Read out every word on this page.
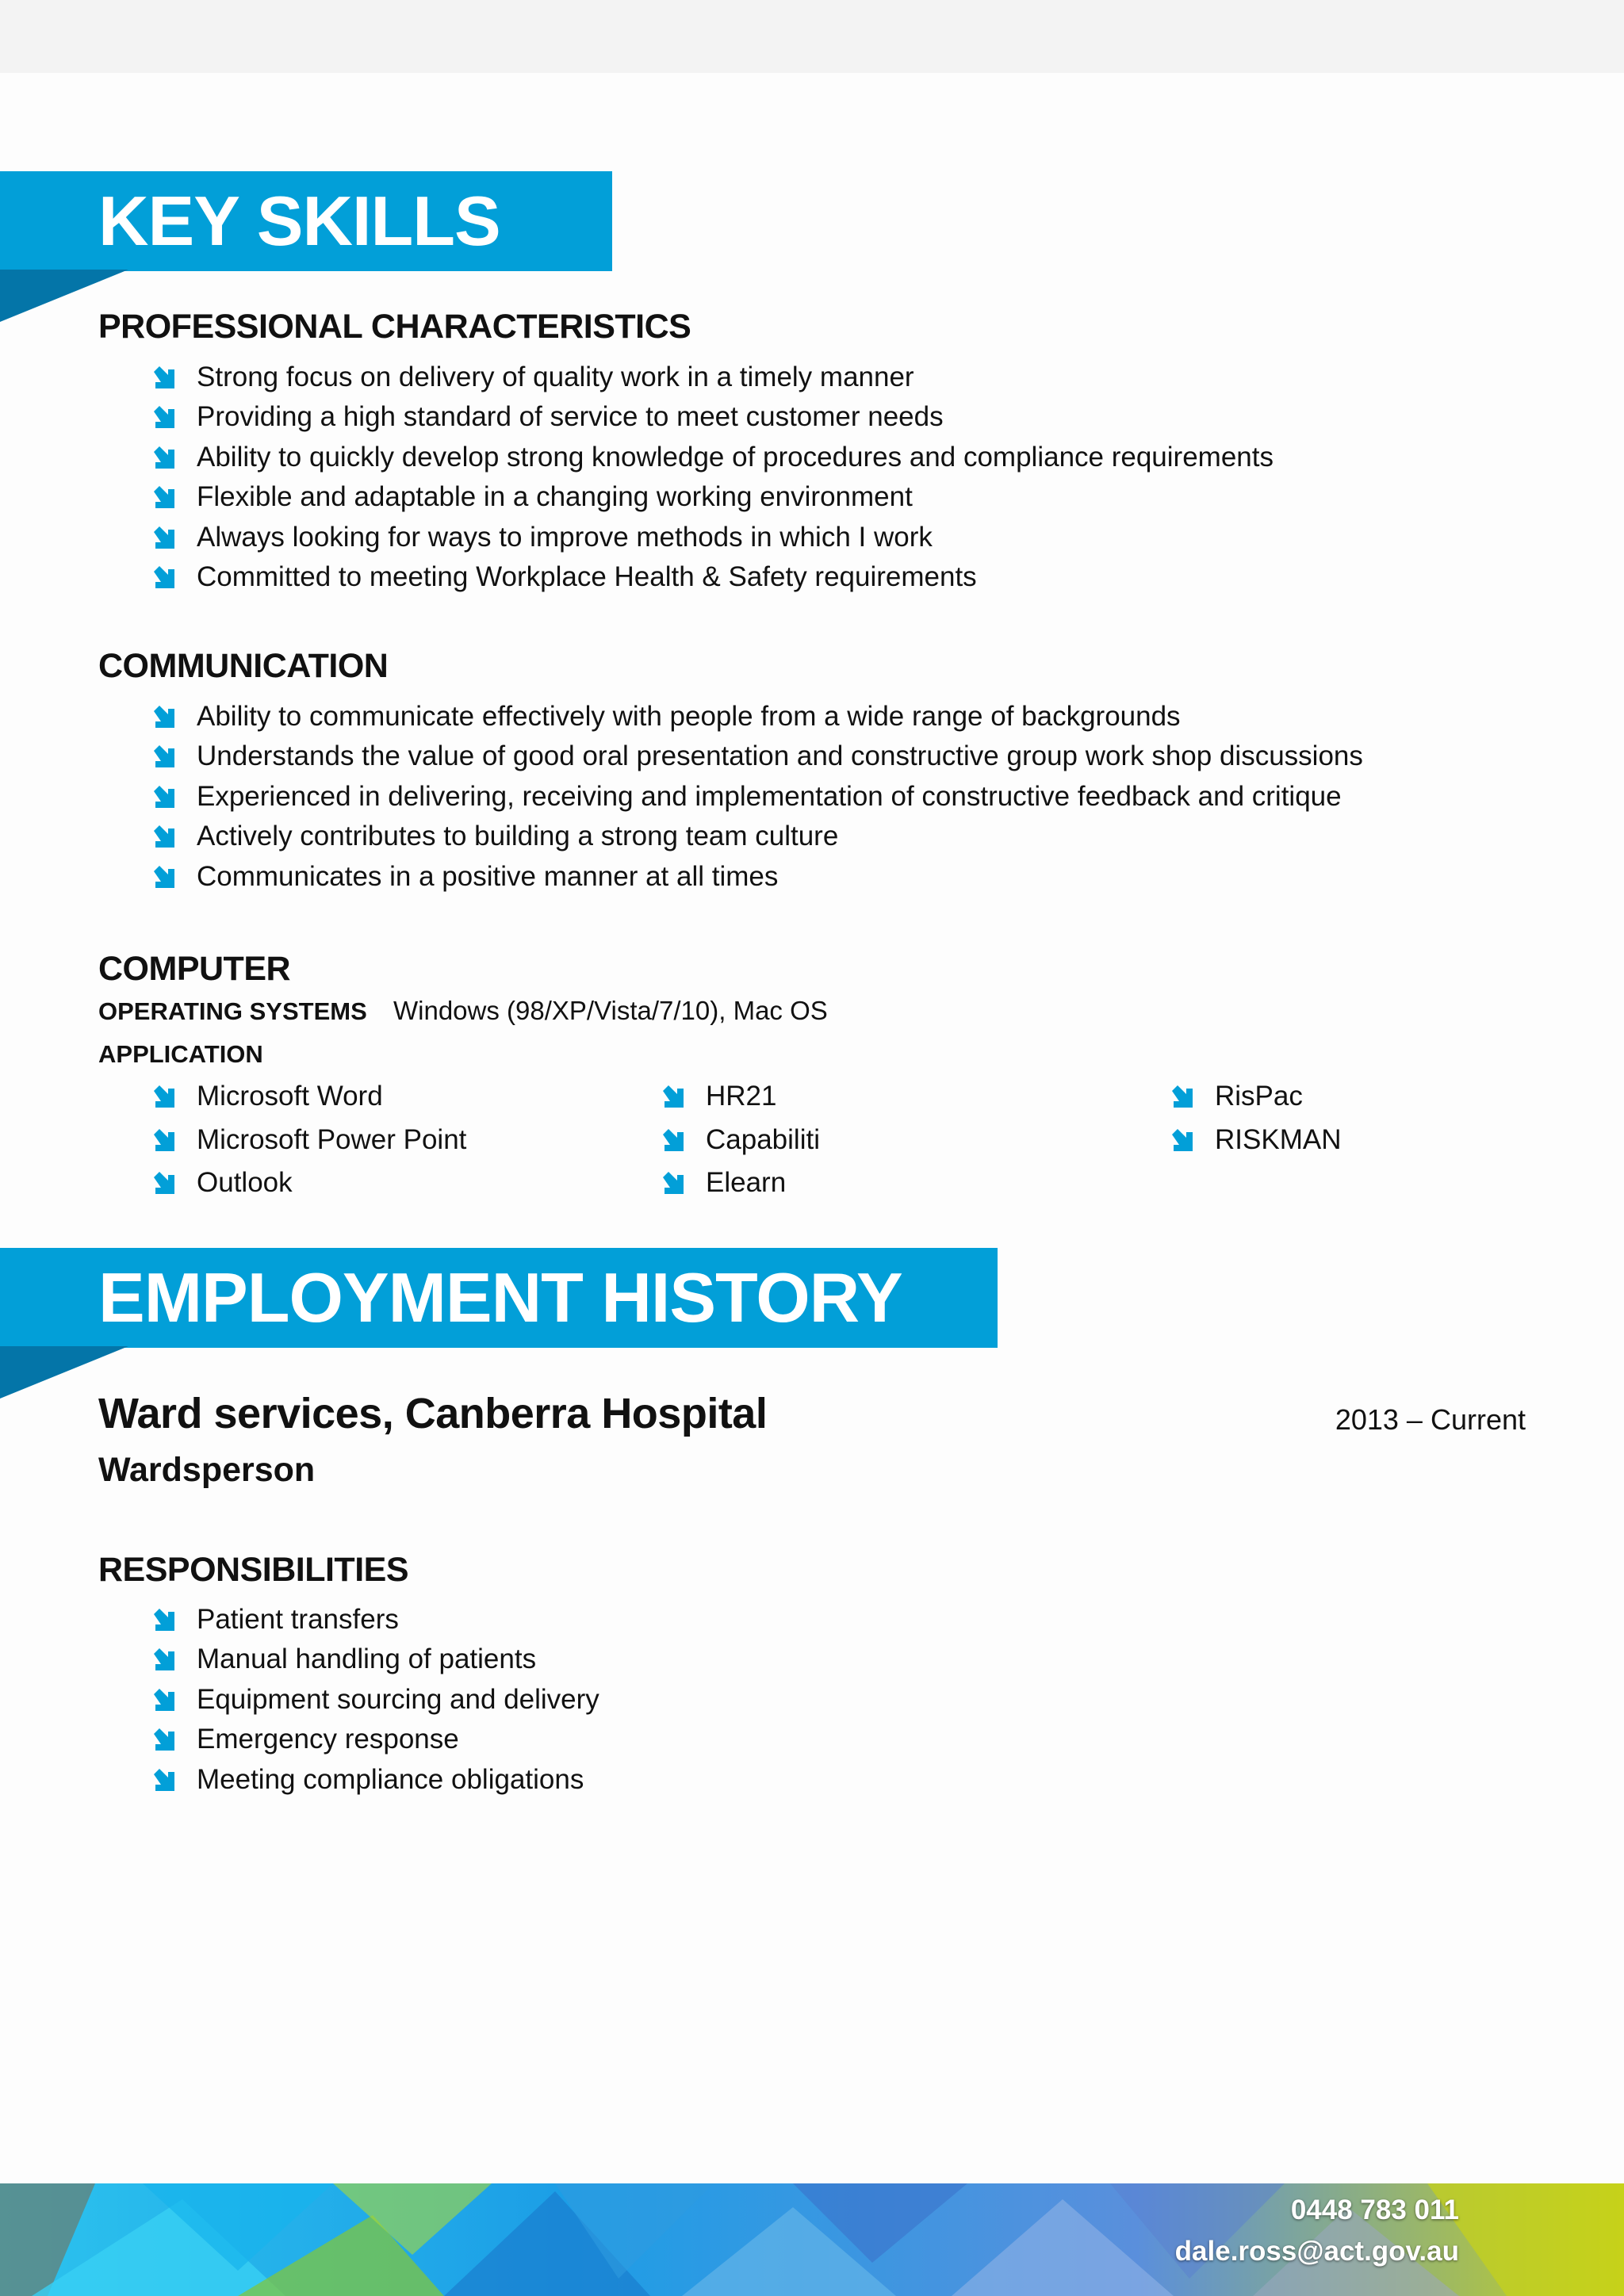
KEY SKILLS
PROFESSIONAL CHARACTERISTICS
Strong focus on delivery of quality work in a timely manner
Providing a high standard of service to meet customer needs
Ability to quickly develop strong knowledge of procedures and compliance requirements
Flexible and adaptable in a changing working environment
Always looking for ways to improve methods in which I work
Committed to meeting Workplace Health & Safety requirements
COMMUNICATION
Ability to communicate effectively with people from a wide range of backgrounds
Understands the value of good oral presentation and constructive group work shop discussions
Experienced in delivering, receiving and implementation of constructive feedback and critique
Actively contributes to building a strong team culture
Communicates in a positive manner at all times
COMPUTER
OPERATING SYSTEMS Windows (98/XP/Vista/7/10), Mac OS
APPLICATION
Microsoft Word
Microsoft Power Point
Outlook
HR21
Capabiliti
Elearn
RisPac
RISKMAN
EMPLOYMENT HISTORY
Ward services, Canberra Hospital	2013 – Current
Wardsperson
RESPONSIBILITIES
Patient transfers
Manual handling of patients
Equipment sourcing and delivery
Emergency response
Meeting compliance obligations
0448 783 011
dale.ross@act.gov.au
